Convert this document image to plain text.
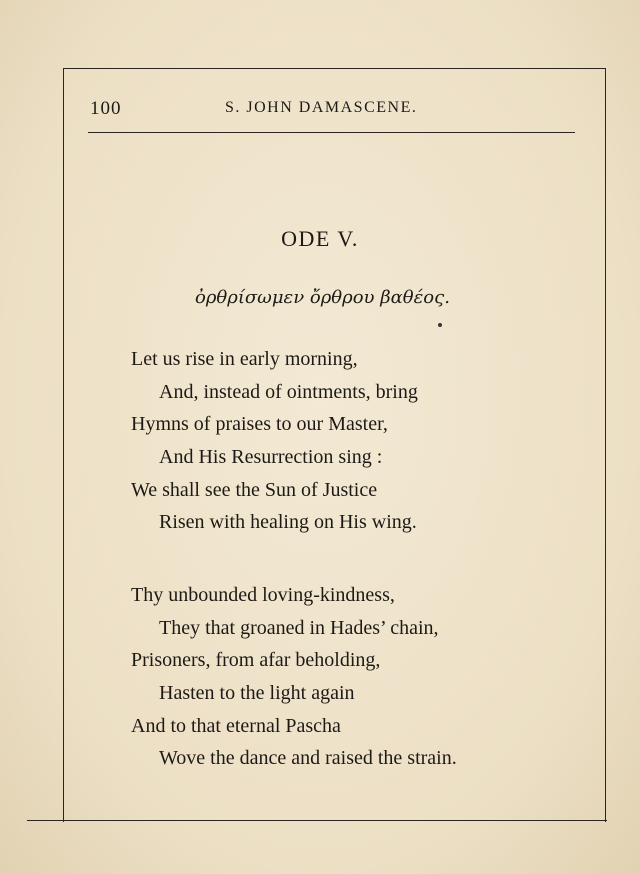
100	S. JOHN DAMASCENE.
ODE V.
ὀρθρίσωμεν ὄρθρου βαθέος.
Let us rise in early morning,
And, instead of ointments, bring
Hymns of praises to our Master,
And His Resurrection sing :
We shall see the Sun of Justice
Risen with healing on His wing.
Thy unbounded loving-kindness,
They that groaned in Hades’ chain,
Prisoners, from afar beholding,
Hasten to the light again
And to that eternal Pascha
Wove the dance and raised the strain.
